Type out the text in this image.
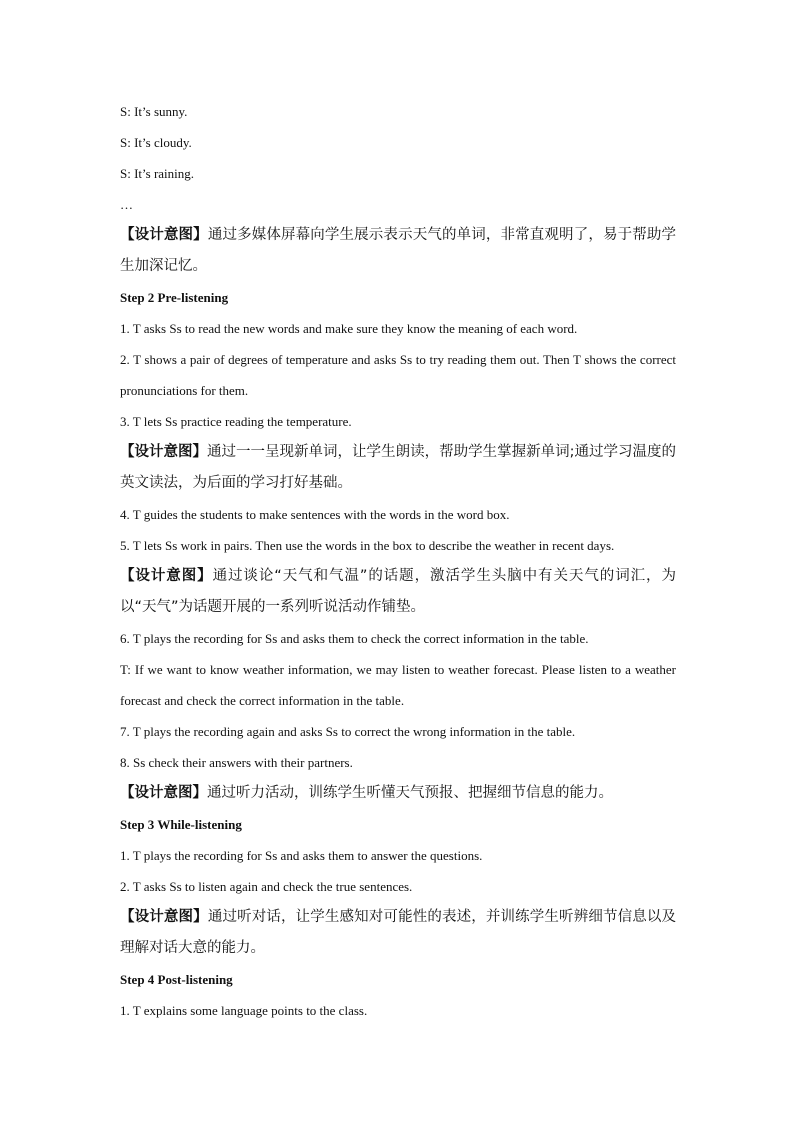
S: It’s sunny.
S: It’s cloudy.
S: It’s raining.
…
【设计意图】通过多媒体屏幕向学生展示表示天气的单词，非常直观明了，易于帮助学生加深记忆。
Step 2 Pre-listening
1. T asks Ss to read the new words and make sure they know the meaning of each word.
2. T shows a pair of degrees of temperature and asks Ss to try reading them out. Then T shows the correct pronunciations for them.
3. T lets Ss practice reading the temperature.
【设计意图】通过一一呈现新单词，让学生朗读，帮助学生掌握新单词;通过学习温度的英文读法，为后面的学习打好基础。
4. T guides the students to make sentences with the words in the word box.
5. T lets Ss work in pairs. Then use the words in the box to describe the weather in recent days.
【设计意图】通过谈论“天气和气温”的话题，激活学生头脑中有关天气的词汇，为以“天气”为话题开展的一系列听说活动作铺垫。
6. T plays the recording for Ss and asks them to check the correct information in the table.
T: If we want to know weather information, we may listen to weather forecast. Please listen to a weather forecast and check the correct information in the table.
7. T plays the recording again and asks Ss to correct the wrong information in the table.
8. Ss check their answers with their partners.
【设计意图】通过听力活动，训练学生听懂天气预报、把握细节信息的能力。
Step 3 While-listening
1. T plays the recording for Ss and asks them to answer the questions.
2. T asks Ss to listen again and check the true sentences.
【设计意图】通过听对话，让学生感知对可能性的表述，并训练学生听辨细节信息以及理解对话大意的能力。
Step 4 Post-listening
1. T explains some language points to the class.
